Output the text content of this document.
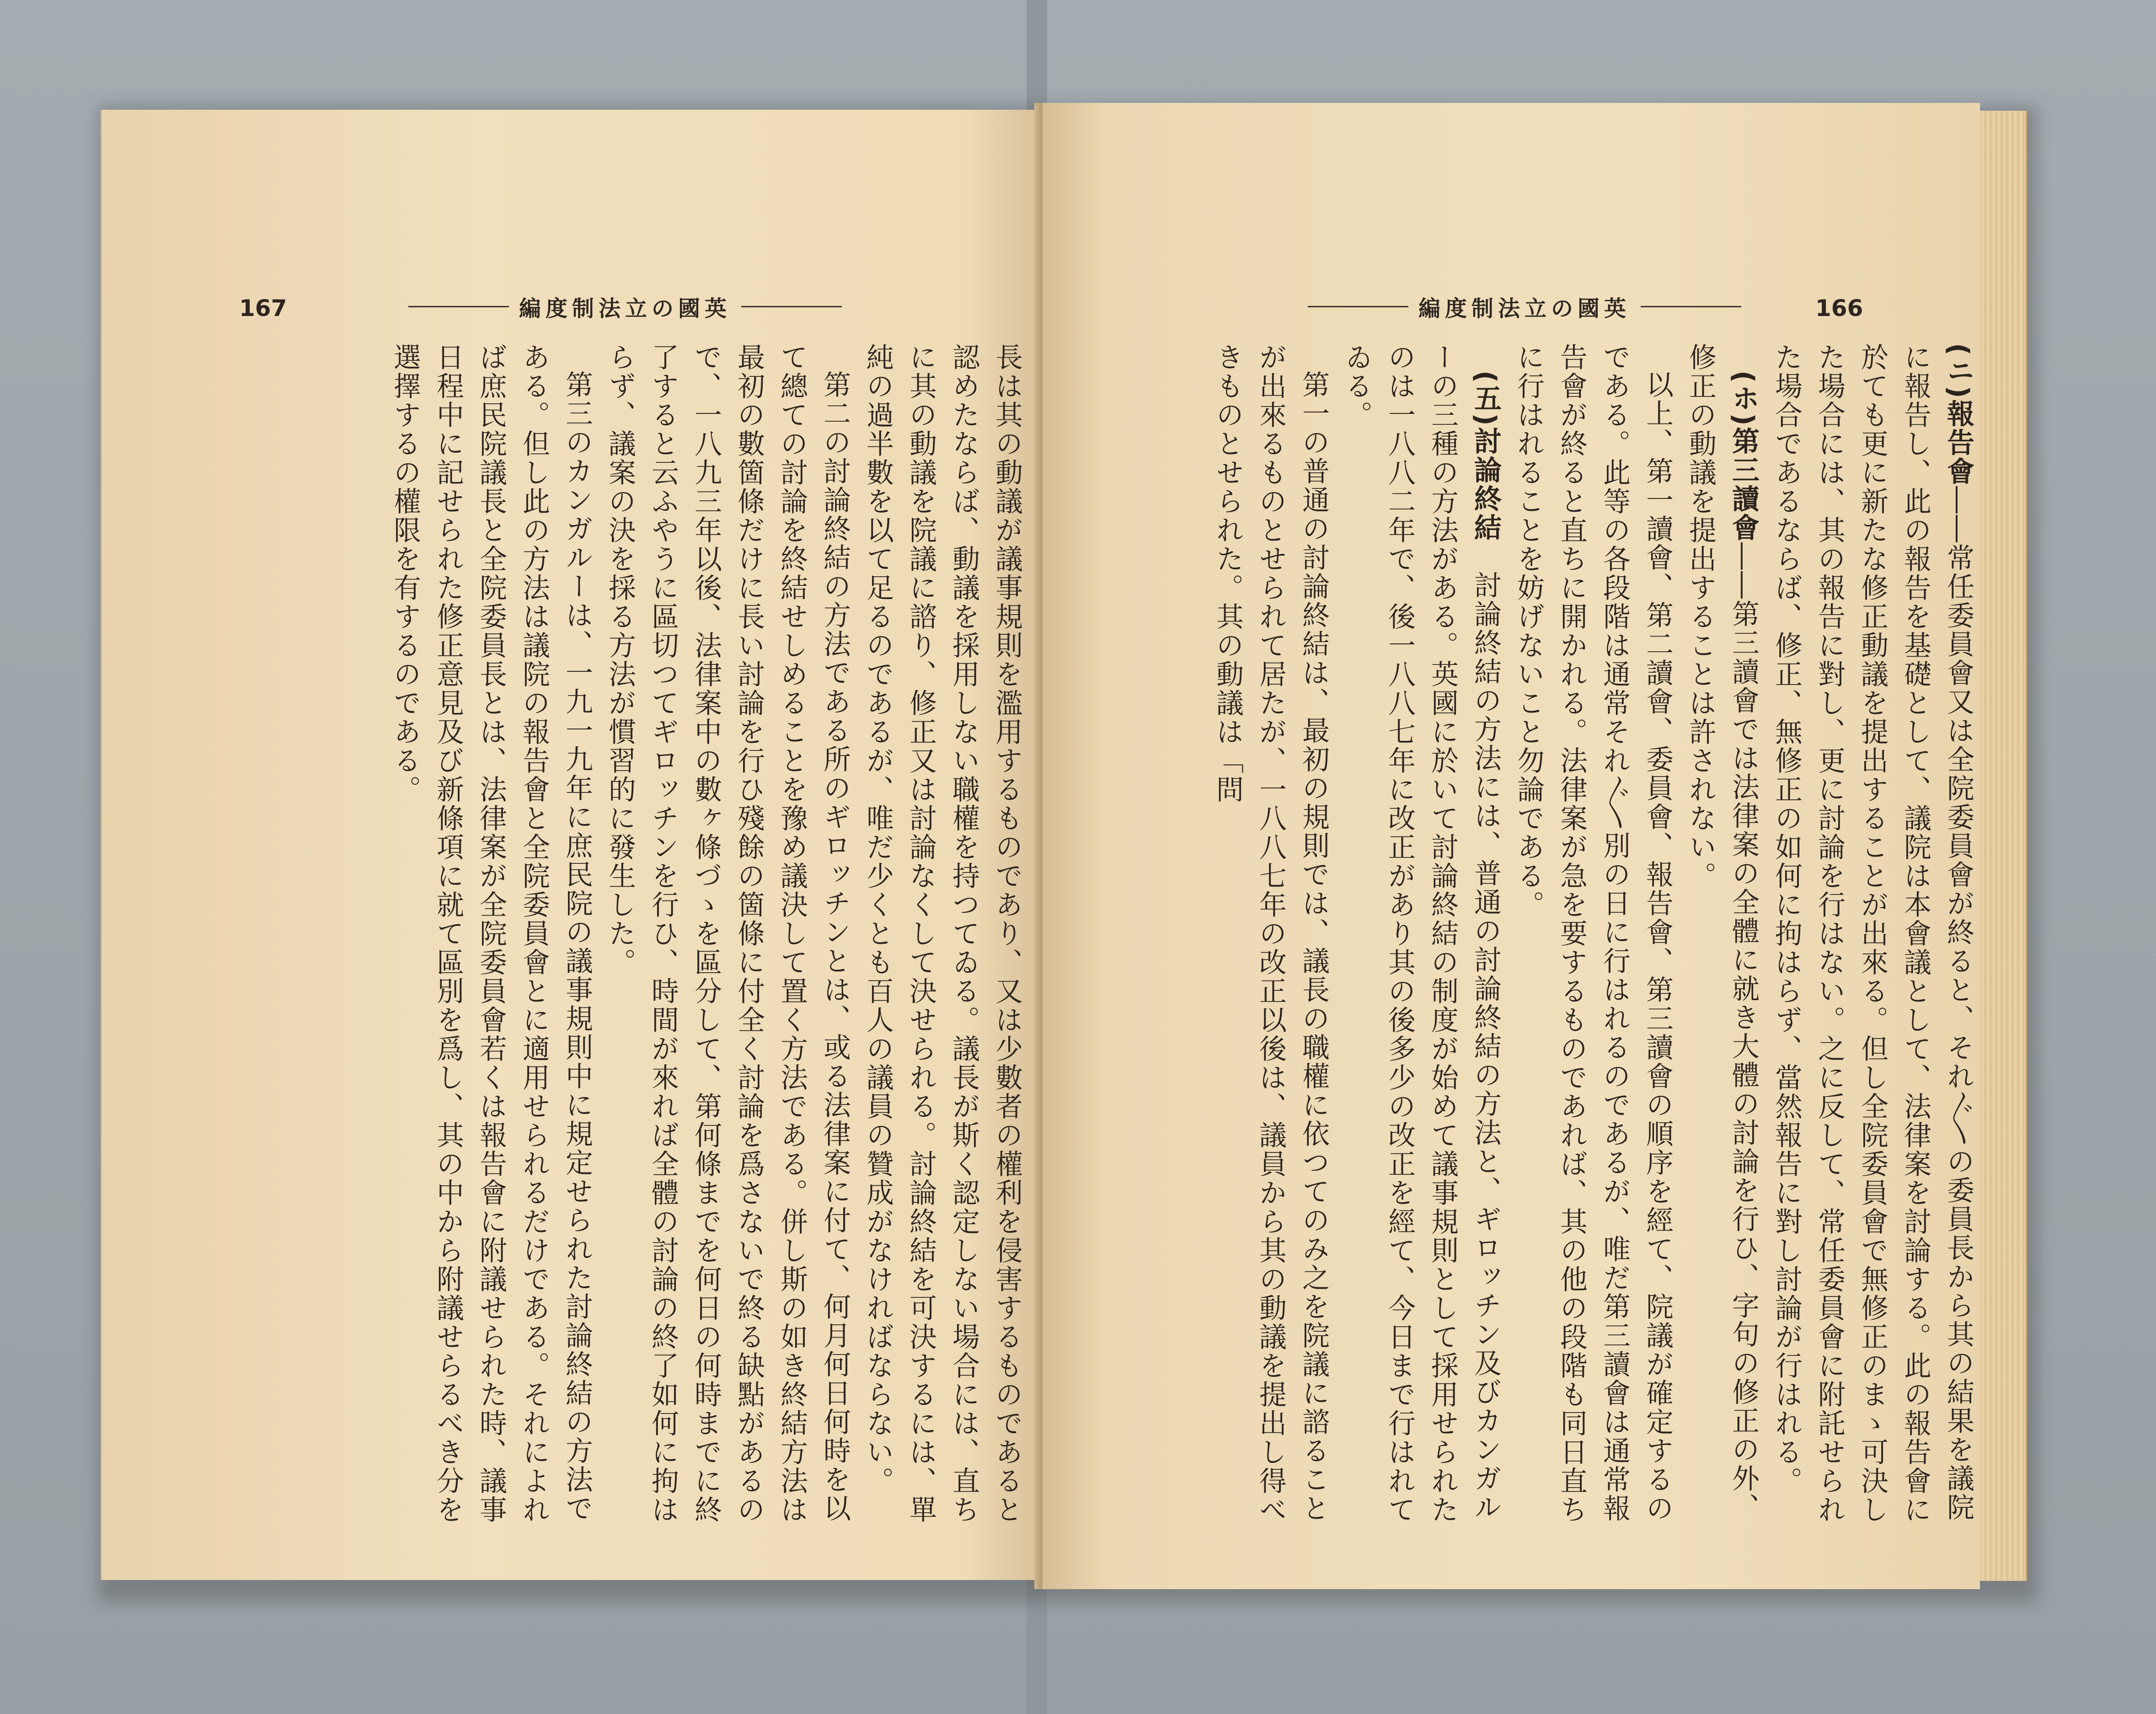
167	英國の立法制度編

長は其の動議が議事規則を濫用するものであり、又は少數者の權利を侵害するものであると認めたならば、動議を採用しない職權を持つてゐる。議長が斯く認定しない場合には、直ちに其の動議を院議に諮り、修正又は討論なくして決せられる。討論終結を可決するには、單純の過半數を以て足るのであるが、唯だ少くとも百人の議員の贊成がなければならない。

第二の討論終結の方法である所のギロッチンとは、或る法律案に付て、何月何日何時を以て總ての討論を終結せしめることを豫め議決して置く方法である。併し斯の如き終結方法は最初の數箇條だけに長い討論を行ひ殘餘の箇條に付全く討論を爲さないで終る缺點があるので、一八九三年以後、法律案中の數ヶ條づゝを區分して、第何條までを何日の何時までに終了すると云ふやうに區切つてギロッチンを行ひ、時間が來れば全體の討論の終了如何に拘はらず、議案の決を採る方法が慣習的に發生した。

第三のカンガルーは、一九一九年に庶民院の議事規則中に規定せられた討論終結の方法である。但し此の方法は議院の報告會と全院委員會とに適用せられるだけである。それによれば庶民院議長と全院委員長とは、法律案が全院委員會若くは報告會に附議せられた時、議事日程中に記せられた修正意見及び新條項に就て區別を爲し、其の中から附議せらるべき分を選擇するの權限を有するのである。

英國の立法制度編	166

(ニ)報告會――常任委員會又は全院委員會が終ると、それ〲の委員長から其の結果を議院に報告し、此の報告を基礎として、議院は本會議として、法律案を討論する。此の報告會に於ても更に新たな修正動議を提出することが出來る。但し全院委員會で無修正のまゝ可決した場合には、其の報告に對し、更に討論を行はない。之に反して、常任委員會に附託せられた場合であるならば、修正、無修正の如何に拘はらず、當然報告に對し討論が行はれる。

(ホ)第三讀會――第三讀會では法律案の全體に就き大體の討論を行ひ、字句の修正の外、修正の動議を提出することは許されない。

以上、第一讀會、第二讀會、委員會、報告會、第三讀會の順序を經て、院議が確定するのである。此等の各段階は通常それ〲別の日に行はれるのであるが、唯だ第三讀會は通常報告會が終ると直ちに開かれる。法律案が急を要するものであれば、其の他の段階も同日直ちに行はれることを妨げないこと勿論である。

(五)討論終結　討論終結の方法には、普通の討論終結の方法と、ギロッチン及びカンガルーの三種の方法がある。英國に於いて討論終結の制度が始めて議事規則として採用せられたのは一八八二年で、後一八八七年に改正があり其の後多少の改正を經て、今日まで行はれてゐる。

第一の普通の討論終結は、最初の規則では、議長の職權に依つてのみ之を院議に諮ることが出來るものとせられて居たが、一八八七年の改正以後は、議員から其の動議を提出し得べきものとせられた。其の動議は「問
